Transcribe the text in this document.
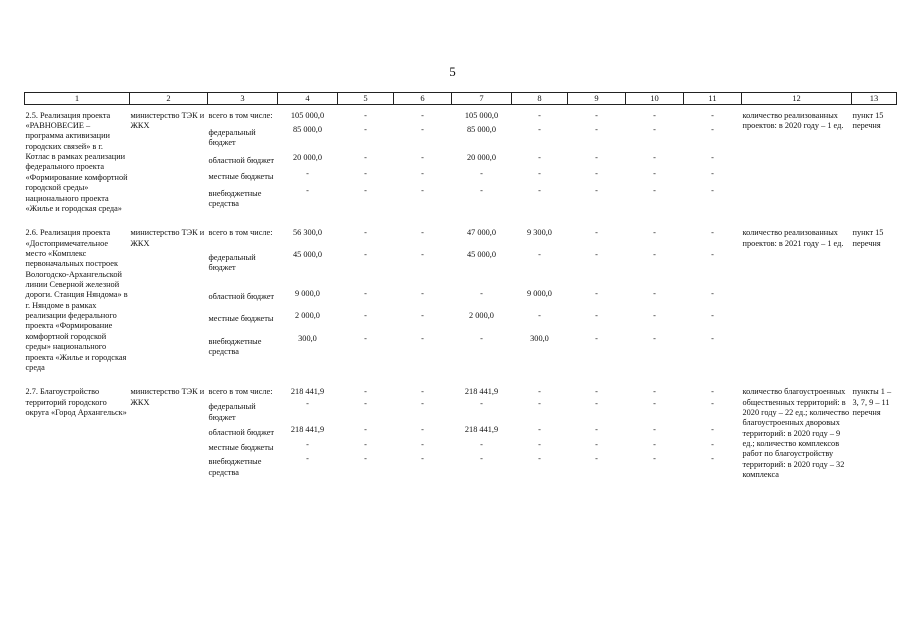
5
1	2	3	4	5	6	7	8	9	10	11	12	13
2.5. Реализация проекта «РАВНОВЕСИЕ – программа активизации городских связей» в г. Котлас в рамках реализации федерального проекта «Формирование комфортной городской среды» национального проекта «Жилье и городская среда»	министерство ТЭК и ЖКХ	всего в том числе:	105 000,0	-	-	105 000,0	-	-	-	-	количество реализованных проектов: в 2020 году – 1 ед.	пункт 15 перечня
		федеральный бюджет	85 000,0	-	-	85 000,0	-	-	-	-		
		областной бюджет	20 000,0	-	-	20 000,0	-	-	-	-		
		местные бюджеты	-	-	-	-	-	-	-	-		
		внебюджетные средства	-	-	-	-	-	-	-	-		

2.6. Реализация проекта «Достопримечательное место «Комплекс первоначальных построек Вологодско-Архангельской линии Северной железной дороги. Станция Няндома» в г. Няндоме в рамках реализации федерального проекта «Формирование комфортной городской среды» национального проекта «Жилье и городская среда	министерство ТЭК и ЖКХ	всего в том числе:	56 300,0	-	-	47 000,0	9 300,0	-	-	-	количество реализованных проектов: в 2021 году – 1 ед.	пункт 15 перечня
		федеральный бюджет	45 000,0	-	-	45 000,0	-	-	-	-		
		областной бюджет	9 000,0	-	-	-	9 000,0	-	-	-		
		местные бюджеты	2 000,0	-	-	2 000,0	-	-	-	-		
		внебюджетные средства	300,0	-	-	-	300,0	-	-	-		

2.7. Благоустройство территорий городского округа «Город Архангельск»	министерство ТЭК и ЖКХ	всего в том числе:	218 441,9	-	-	218 441,9	-	-	-	-	количество благоустроенных общественных территорий: в 2020 году – 22 ед.; количество благоустроенных дворовых территорий: в 2020 году – 9 ед.; количество комплексов работ по благоустройству территорий: в 2020 году – 32 комплекса	пункты 1 – 3, 7, 9 – 11 перечня
		федеральный бюджет	-	-	-	-	-	-	-	-		
		областной бюджет	218 441,9	-	-	218 441,9	-	-	-	-		
		местные бюджеты	-	-	-	-	-	-	-	-		
		внебюджетные средства	-	-	-	-	-	-	-	-		
